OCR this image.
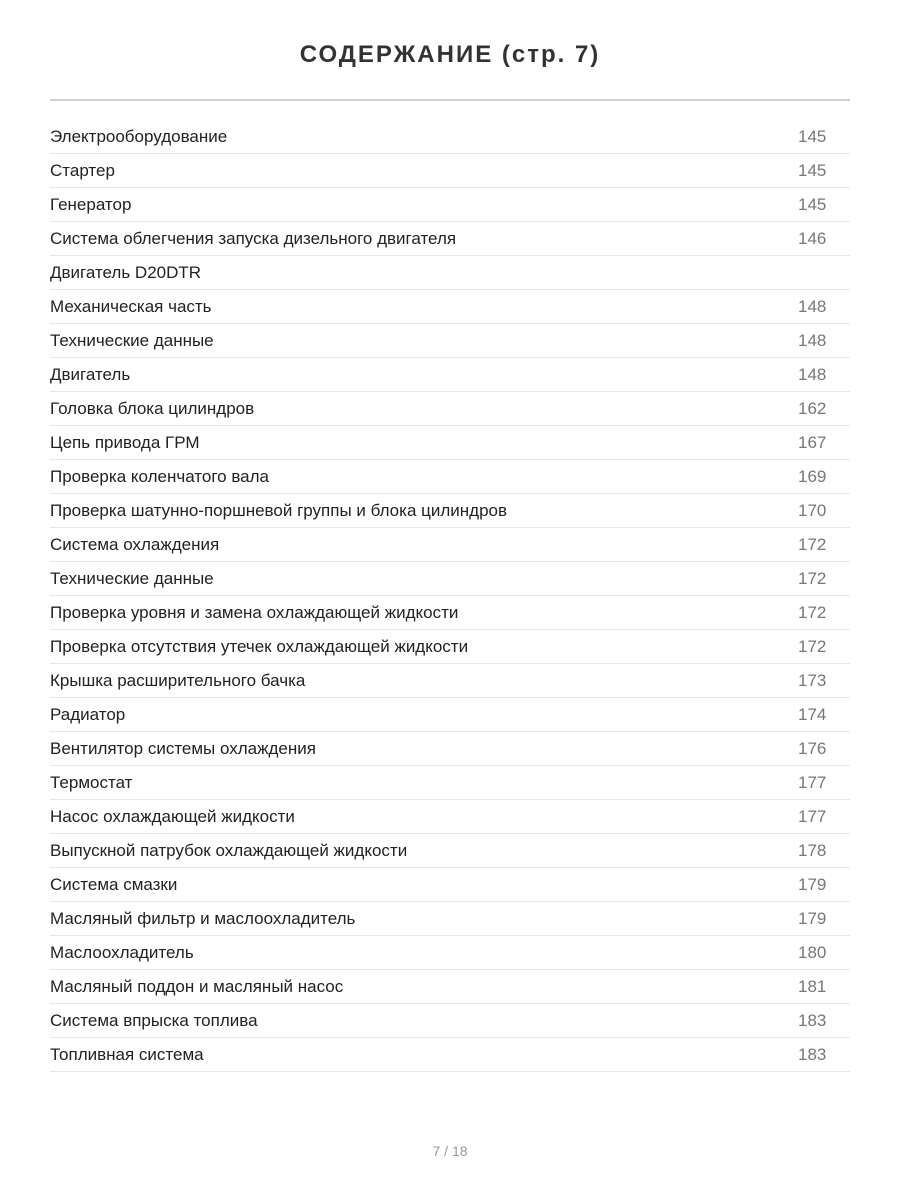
СОДЕРЖАНИЕ (стр. 7)
Электрооборудование	145
Стартер	145
Генератор	145
Система облегчения запуска дизельного двигателя	146
Двигатель D20DTR
Механическая часть	148
Технические данные	148
Двигатель	148
Головка блока цилиндров	162
Цепь привода ГРМ	167
Проверка коленчатого вала	169
Проверка шатунно-поршневой группы и блока цилиндров	170
Система охлаждения	172
Технические данные	172
Проверка уровня и замена охлаждающей жидкости	172
Проверка отсутствия утечек охлаждающей жидкости	172
Крышка расширительного бачка	173
Радиатор	174
Вентилятор системы охлаждения	176
Термостат	177
Насос охлаждающей жидкости	177
Выпускной патрубок охлаждающей жидкости	178
Система смазки	179
Масляный фильтр и маслоохладитель	179
Маслоохладитель	180
Масляный поддон и масляный насос	181
Система впрыска топлива	183
Топливная система	183
7 / 18
